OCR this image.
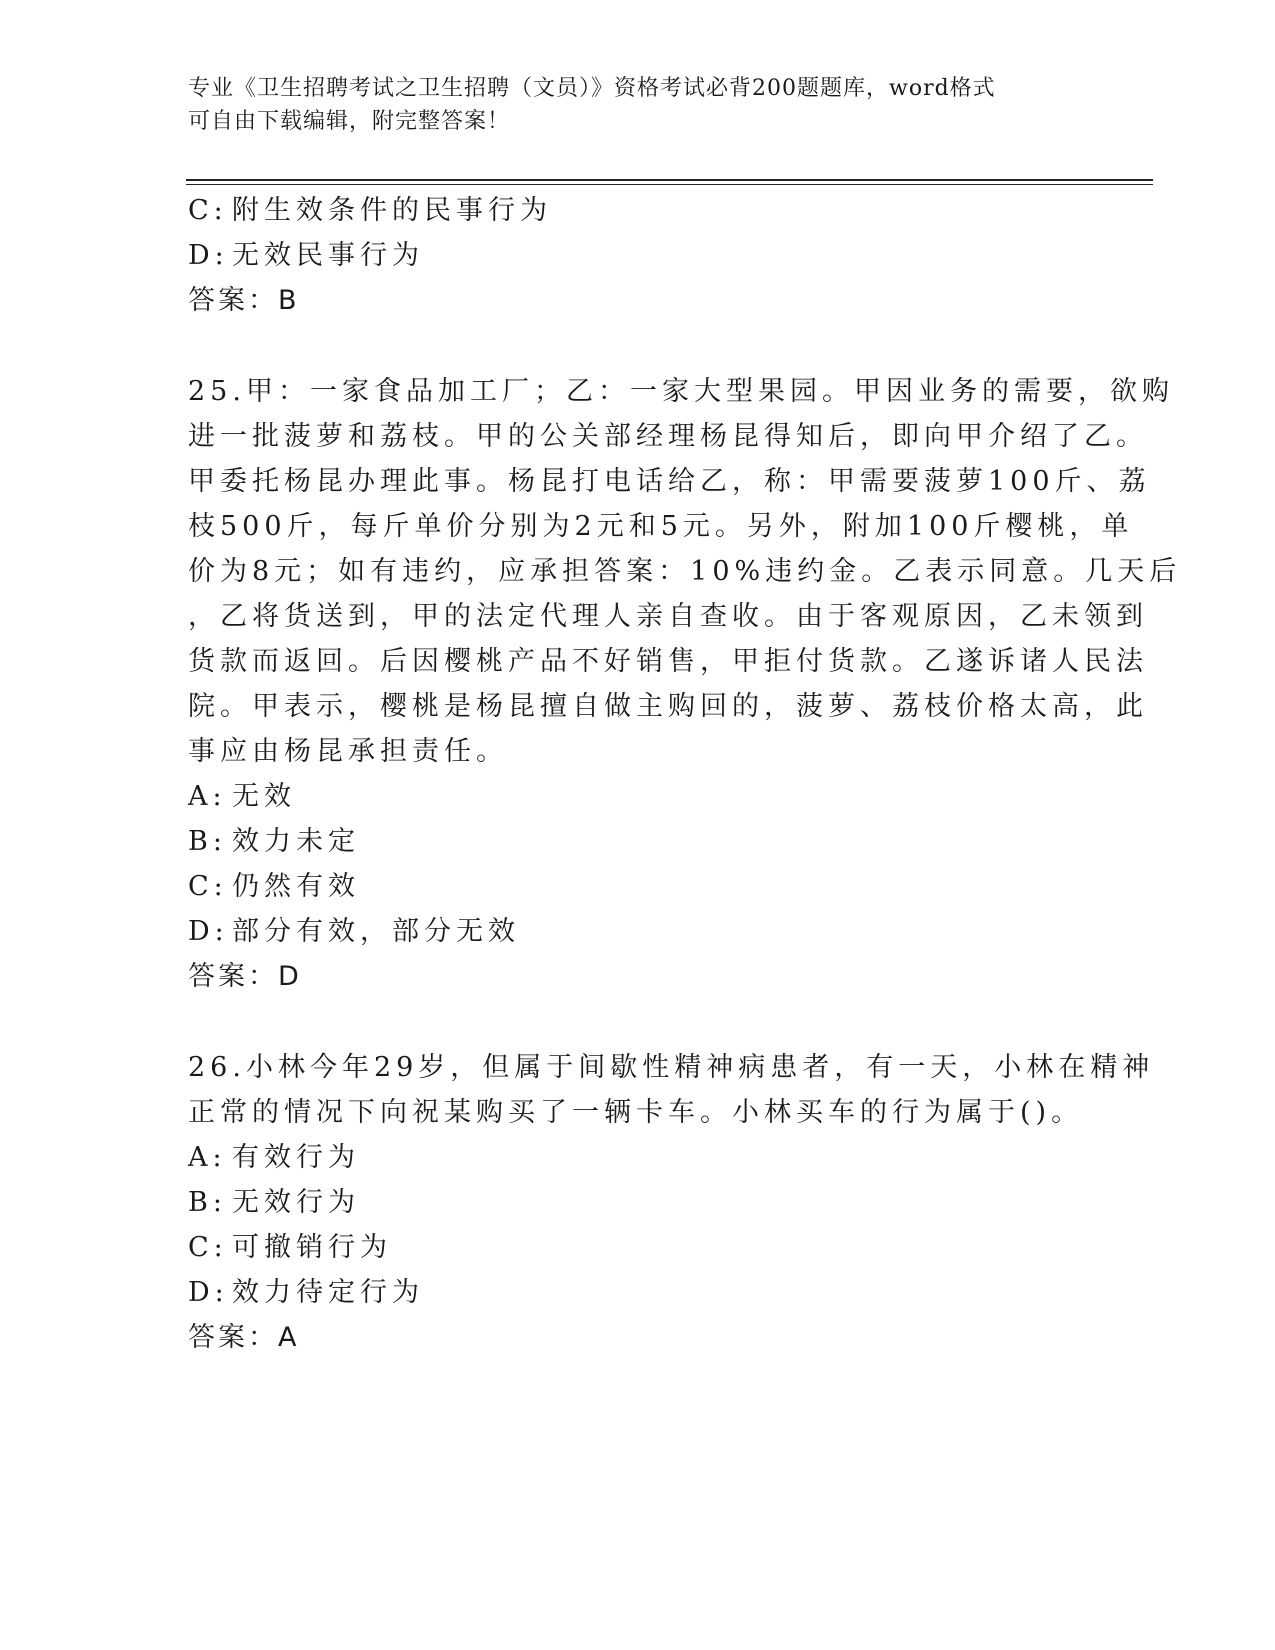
专业《卫生招聘考试之卫生招聘（文员）》资格考试必背200题题库，word格式
可自由下载编辑，附完整答案！
C: 附生效条件的民事行为
D: 无效民事行为
答案：B
25.甲：一家食品加工厂；乙：一家大型果园。甲因业务的需要，欲购
进一批菠萝和荔枝。甲的公关部经理杨昆得知后，即向甲介绍了乙。
甲委托杨昆办理此事。杨昆打电话给乙，称：甲需要菠萝100斤、荔
枝500斤，每斤单价分别为2元和5元。另外，附加100斤樱桃，单
价为8元；如有违约，应承担答案：10%违约金。乙表示同意。几天后
，乙将货送到，甲的法定代理人亲自查收。由于客观原因，乙未领到
货款而返回。后因樱桃产品不好销售，甲拒付货款。乙遂诉诸人民法
院。甲表示，樱桃是杨昆擅自做主购回的，菠萝、荔枝价格太高，此
事应由杨昆承担责任。
A: 无效
B: 效力未定
C: 仍然有效
D: 部分有效，部分无效
答案：D
26.小林今年29岁，但属于间歇性精神病患者，有一天，小林在精神
正常的情况下向祝某购买了一辆卡车。小林买车的行为属于()。
A: 有效行为
B: 无效行为
C: 可撤销行为
D: 效力待定行为
答案：A
